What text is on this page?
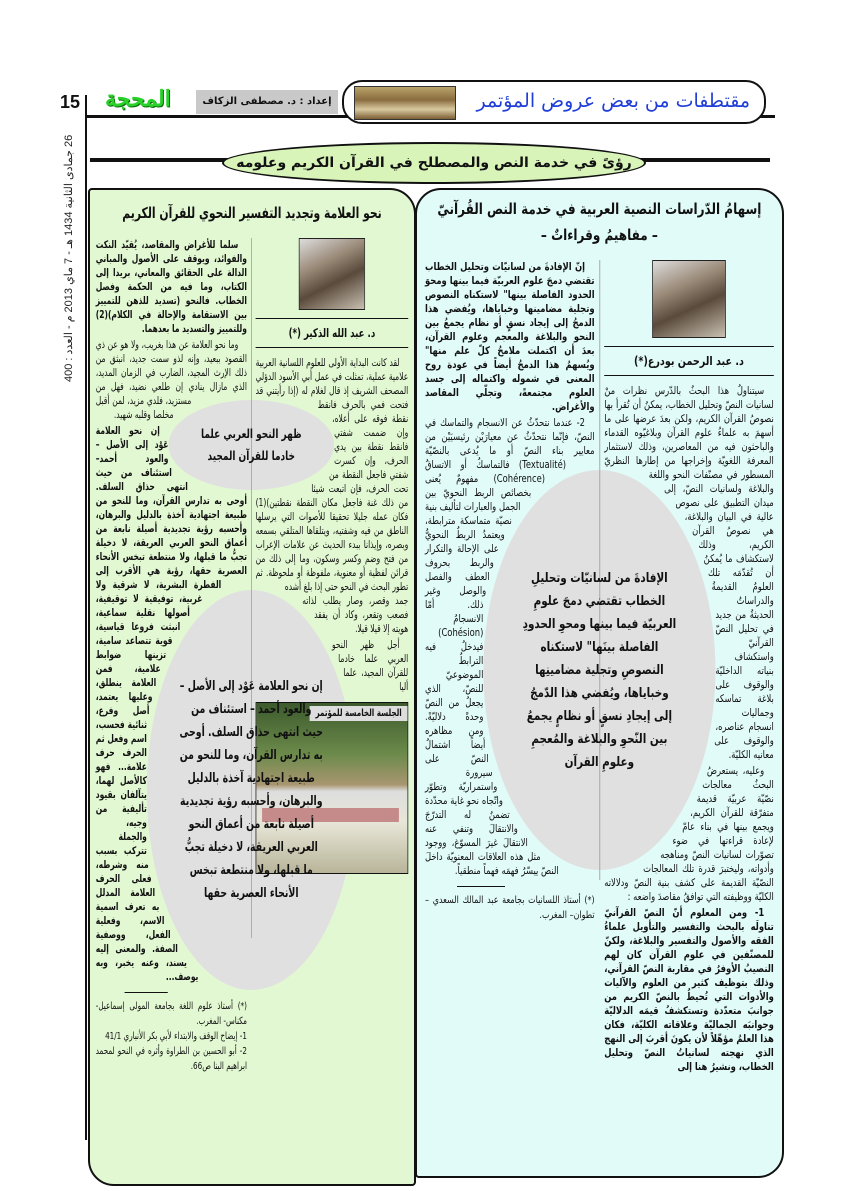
15 المحجة	إعداد : د. مصطفى الزكاف	مقتطفات من بعض عروض المؤتمر
26 جمادى الثانية 1434 هـ - 7 ماي 2013 م - العدد : 400
رؤىً في خدمة النص والمصطلح في القرآن الكريم وعلومه
إسهامُ الدّراسات النصية العربية في خدمة النص القُرآنيّ
– مفاهيمُ وقراءاتٌ –
الإفادةَ من لسانيّات وتحليلِ الخطاب تقتضي دمجَ علومِ العربيّة فيما بينها ومحوِ الحدودِ الفاصلة بينَها" لاستكناه النصوصِ وتجلية مضامينِها وخباياها، ويُفضي هذا الدّمجُ إلى إيجادِ نسقٍ أو نظامٍ يجمعُ بين النّحوِ والبلاغة والمُعجمِ وعلومِ القرآن
د. عبد الرحمن بودرع(*)

سيتناولُ هذا البحثُ بالدّرس نظرات منْ لسانيات النصّ وتحليل الخطاب، يمكنُ أن تُقرأ بها نصوصُ القرآن الكريم، ولكن بعدَ عرضها على ما أسهمَ به علماءُ علوم القرآن وبلاغيّوه القدماء والباحثون فيه من المعاصرين، وذلك لاستثمار المعرفة اللغويّة وإخراجها من إطارها النظريّ المسطور في مصنّفات النحو واللغة والبلاغة ولسانيات النصّ، إلى ميدان التطبيق على نصوص عالية في البيان والبلاغة، هي نصوصُ القرآن الكريم، وذلك لاستكشاف ما يُمكنُ أن تُقدّمَه تلك العلومُ القديمةُ والدراساتُ الحديثةُ من جديد في تحليل النصّ القرآنيّ واستكشاف بنياته الداخليّة والوقوف على بلاغة تماسكه وجماليات انسجام عناصره، والوقوف على معانيه الكليّة.

وعليه، يستعرضُ البحثُ معالجات نصّيّة عربيّة قديمة متفرّقة للقرآن الكريم، ويجمع بينها في بناء عامّ لإعادة قراءتها في ضوء تصوّرات لسانيات النصّ ومناهجه وأدواته، وليختبرَ قدرة تلك المعالجات النصّيّة القديمة على كشف بنية النصّ ودلالاته الكليّة ووظيفته التي توافقُ مقاصدَ واضعه :

1- ومن المعلوم أنّ النصّ القرآنيّ تناولَه بالبحث والتفسير والتأويل علماءُ الفقه والأصول والتفسير والبلاغة، ولكنّ للمصنّفين في علوم القرآن كان لهم النصيبُ الأوفرُ في مقاربة النصّ القرآني، وذلك بتوظيف كثير من العلوم والآليات والأدوات التي تُحيطُ بالنصّ الكريم من جوانبَ متعدّدة وتستكشفُ قيمَه الدلاليّة وجوانبَه الجماليّة وعلاقاته الكليّة، فكان هذا العلمُ مؤهّلاً لأن يكونَ أقربَ إلى النهج الذي نهجته لسانياتُ النصّ وتحليل الخطاب، ونشيرُ هنا إلى

إنّ الإفادةَ من لسانيّات وتحليل الخطاب تقتضي دمجَ علوم العربيّة فيما بينها ومحوَ الحدود الفاصلة بينها" لاستكناه النصوص وتجلية مضامينها وخباياها، ويُفضي هذا الدمجُ إلى إيجاد نسقٍ أو نظام يجمعُ بين النحو والبلاغة والمعجم وعلوم القرآن، بعدَ أن اكتملت ملامحُ كلّ علم منها" ويُسهمُ هذا الدمجُ أيضاً في عودة روح المعنى في شموله واكتماله إلى جسد العلوم مجتمعةً، وتجلّي المقاصد والأغراض.

2- عندما نتحدّثُ عن الانسجام والتماسك في النصّ، فإنّما نتحدّثُ عن معيارَيْن رئيسيَيْن من معايير بناء النصّ أو ما يُدعى بالنصّيّة (Textualité) فالتماسكُ أو الاتساقُ (Cohérence) مفهومٌ يُعنى بخصائص الربط النحويّ بين الجمل والعبارات لتأليف بنية نصيّة متماسكة مترابطة، ويعتمدُ الربطُ النحويُّ على الإحالة والتكرار والربط بحروف العطف والفصل والوصل وغير ذلك. أمّا الانسجامُ (Cohésion) فيدخلُ فيه الترابطُ الموضوعيّ للنصّ، الذي يجعلُ من النصّ وحدةً دلاليّةً. ومن مظاهره أيضاً اشتمالُ النصّ على سيرورة واستمراريّة وتطوّر واتّجاه نحو غاية محدّدة تضمنُ له التدرّجَ والانتقالَ وتنفي عنه الانتقالَ غيرَ المسوّغ، ووجود مثل هذه العلاقات المعنويّة داخلَ النصّ ييسّرُ فهمَه فهماً منطقياً.

(*) أستاذ اللسانيات بجامعة عبد المالك السعدي – تطوان– المغرب.

نحو العلامة وتجديد التفسير النحوي للقرآن الكريم
ظهر النحو العربي علما خادما للقرآن المجيد
إن نحو العلامة عَوْد إلى الأصل – والعود أحمد – استئناف من حيث انتهى حذاق السلف. أوحى به تدارس القرآن، وما للنحو من طبيعة اجتهادية آخذة بالدليل والبرهان، وأحسبه رؤية تجديدية أصيلة نابعة من أعماق النحو العربي العريقة، لا دخيلة تجبُّ ما قبلها، ولا منتطعة تبخس الأنحاء العصرية حقها
د. عبد الله الذكير (*)

لقد كانت البداية الأولى للعلوم اللسانية العربية علامية عملية، تمثلت في عمل أبي الأسود الدؤلي المصحف الشريف إذ قال لغلام له (إذا رأيتني قد فتحت فمي بالحرف فانقط نقطة فوقه على أعلاه، وإن ضممت شفتي فانقط نقطة بين يدي الحرف، وإن كسرت شفتي فاجعل النقطة من تحت الحرف، فإن اتبعت شيئا من ذلك غنة فاجعل مكان النقطة نقطتين)(1) فكان عمله جليلا تحقيقا للأصوات التي يرسلها الناطق من فيه وشفتيه، ويتلقاها المتلقي بسمعه وبصره، وإيذانا ببدء الحديث عن علامات الإعراب من فتح وضم وكسر وسكون، وما إلى ذلك من قرائن لفظية أو معنوية، ملفوظة أو ملحوظة. ثم تطور البحث في النحو حتى إذا بلغ أشده جمد وقصر، وصار يطلب لذاته فصعب وتقعر، وكاد أن يفقد هويته إلا قيلا قيلا.

أجل ظهر النحو العربي علما خادما للقرآن المجيد، علما أليا

الجلسة الخامسة للمؤتمر

سلما للأغراض والمقاصد، يُقيّد النكت والفوائد، ويوقف على الأصول والمباني الدالة على الحقائق والمعاني، بريدا إلى الكتاب، وما فيه من الحكمة وفصل الخطاب. فالنحو (تسديد للذهن للتمييز بين الاستقامة والإحالة في الكلام)(2) وللتمييز والتسديد ما بعدهما.

وما نحو العلامة عن هذا بغريب، ولا هو عن ذي القصود ببعيد، وإنه لذو سمت جديد، انبثق من ذلك الإرث المجيد، الضارب في الزمان المديد، الذي مازال ينادي إن طلعي نضيد، فهل من مستزيد، فلدي مزيد، لمن أقبل مخلصا وقلبه شهيد.

إن نحو العلامة عَوْد إلى الأصل – والعود أحمد– استئناف من حيث انتهى حذاق السلف. أوحى به تدارس القرآن، وما للنحو من طبيعة اجتهادية آخذة بالدليل والبرهان، وأحسبه رؤية تجديدية أصيلة نابعة من أعماق النحو العربي العريقة، لا دخيلة تجبُّ ما قبلها، ولا منتطعة تبخس الأنحاء العصرية حقها، رؤية هي الأقرب إلى الفطرة البشرية، لا شرقية ولا غربية، توفيقية لا توقيفية، أصولها نقلية سماعية، انبثت فروعا قياسية، قوية تتصاعد سامية، تزينها ضوابط علامية، فمن العلامة ينطلق، وعليها يعتمد، أصل وفرع، ثنائية فحسب، اسم وفعل ثم الحرف حرف علامة... فهو كالأصل لهما، يتآلفان بقيود تأليفية من وجيه، والجملة تتركب بسبب منه وشرطه، فعلى الحرف العلامة المدلل به تعرف اسمية الاسم، وفعلية الفعل، ووصفية الصفة. والمعنى إليه يسند، وعنه يخبر، وبه يوصف...

(*) أستاذ علوم اللغة بجامعة المولى إسماعيل- مكناس- المغرب.

1- إيضاح الوقف والابتداء لأبي بكر الأنباري 41/1

2- أبو الحسين بن الطراوة وأثره في النحو لمحمد ابراهيم البنا ص66.
